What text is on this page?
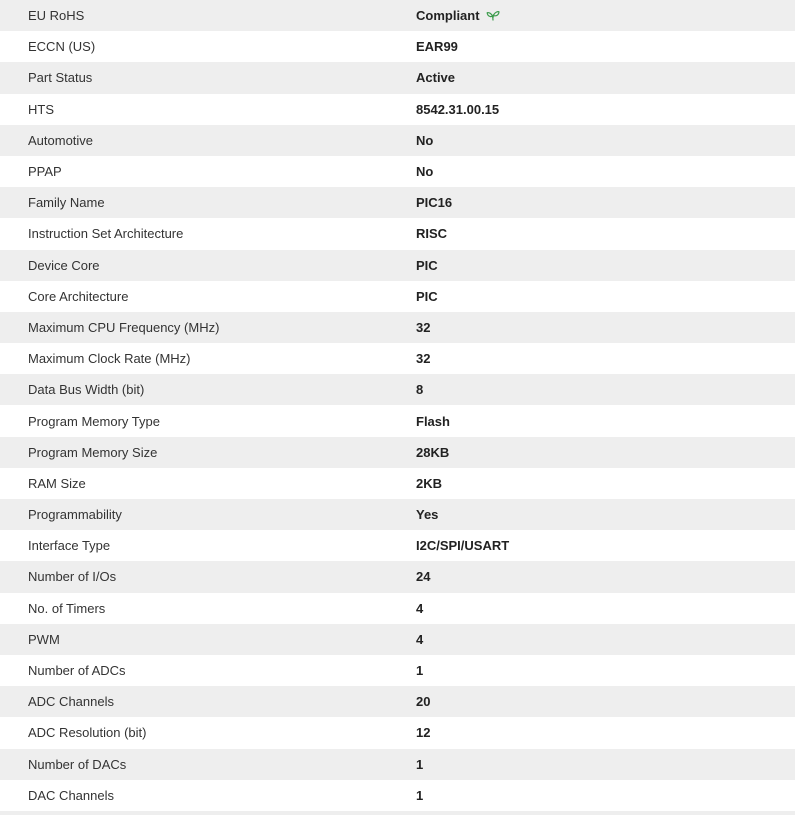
EU RoHS	Compliant
ECCN (US)	EAR99
Part Status	Active
HTS	8542.31.00.15
Automotive	No
PPAP	No
Family Name	PIC16
Instruction Set Architecture	RISC
Device Core	PIC
Core Architecture	PIC
Maximum CPU Frequency (MHz)	32
Maximum Clock Rate (MHz)	32
Data Bus Width (bit)	8
Program Memory Type	Flash
Program Memory Size	28KB
RAM Size	2KB
Programmability	Yes
Interface Type	I2C/SPI/USART
Number of I/Os	24
No. of Timers	4
PWM	4
Number of ADCs	1
ADC Channels	20
ADC Resolution (bit)	12
Number of DACs	1
DAC Channels	1
